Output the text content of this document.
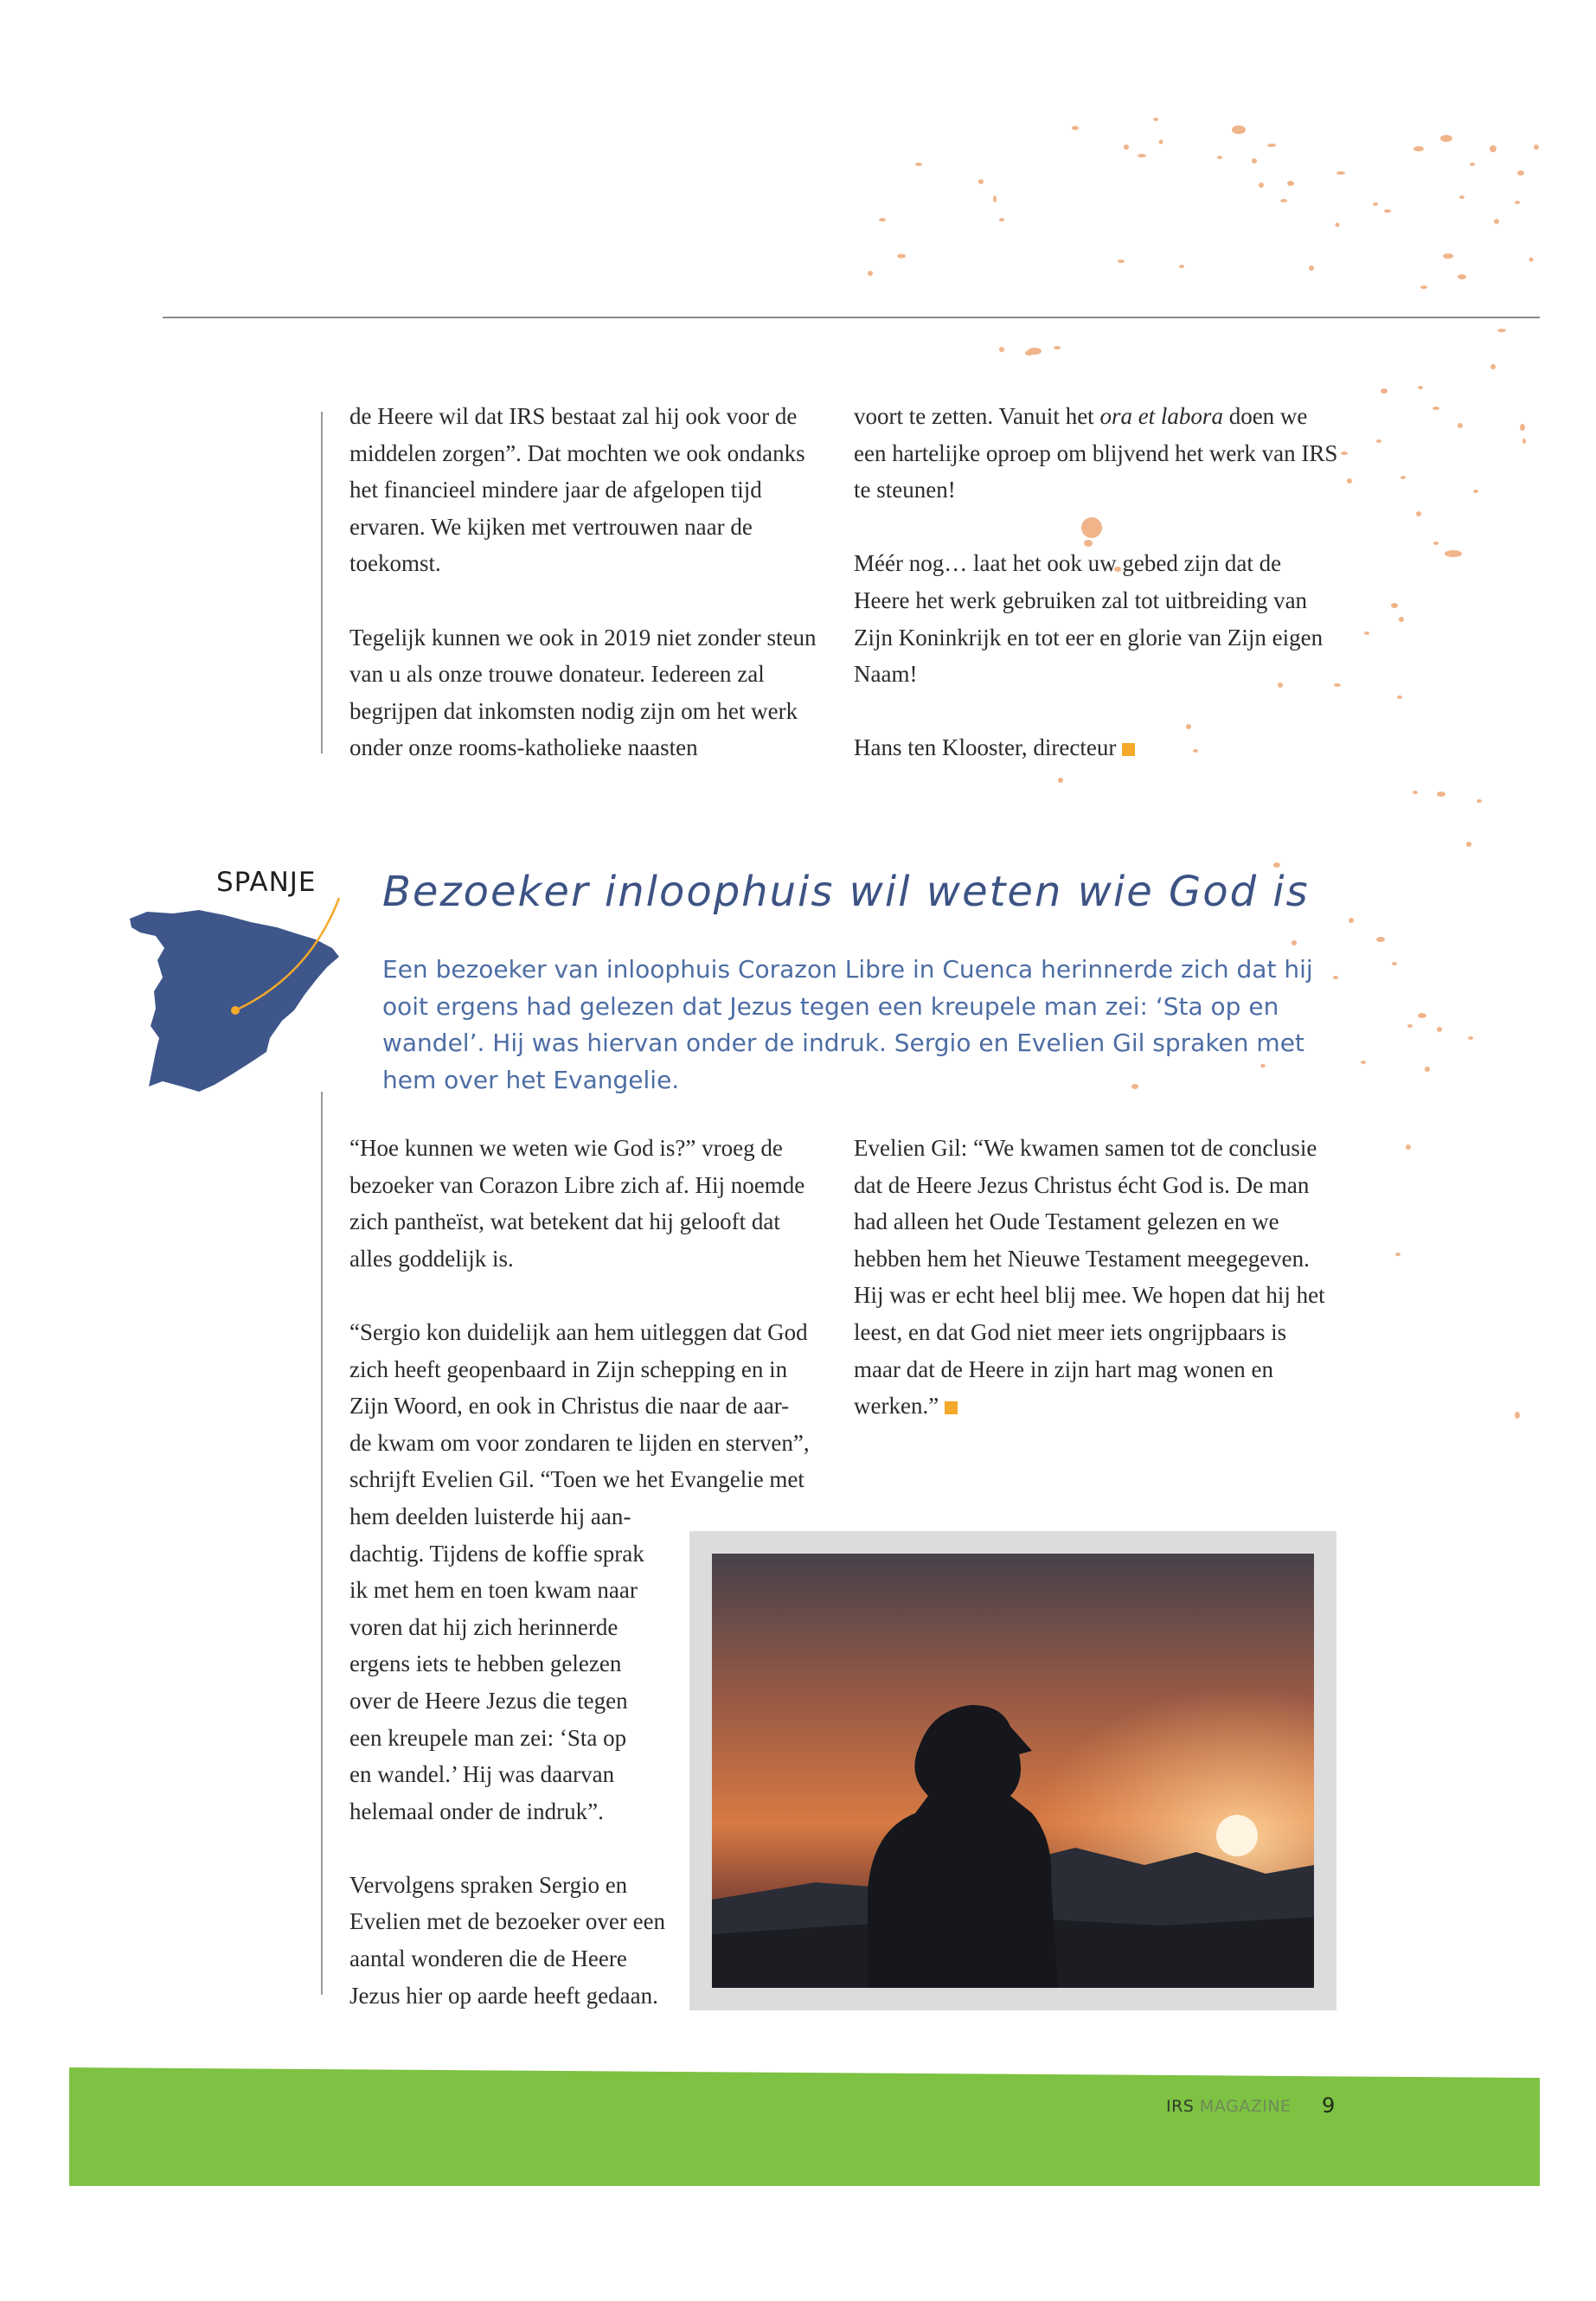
de Heere wil dat IRS bestaat zal hij ook voor de middelen zorgen”. Dat mochten we ook ondanks het financieel mindere jaar de afgelopen tijd ervaren. We kijken met vertrouwen naar de toekomst.

Tegelijk kunnen we ook in 2019 niet zonder steun van u als onze trouwe donateur. Iedereen zal begrijpen dat inkomsten nodig zijn om het werk onder onze rooms-katholieke naasten

voort te zetten. Vanuit het ora et labora doen we een hartelijke oproep om blijvend het werk van IRS te steunen!

Méér nog… laat het ook uw gebed zijn dat de Heere het werk gebruiken zal tot uitbreiding van Zijn Koninkrijk en tot eer en glorie van Zijn eigen Naam!

Hans ten Klooster, directeur

SPANJE Bezoeker inloophuis wil weten wie God is
Een bezoeker van inloophuis Corazon Libre in Cuenca herinnerde zich dat hij ooit ergens had gelezen dat Jezus tegen een kreupele man zei: ‘Sta op en wandel’. Hij was hiervan onder de indruk. Sergio en Evelien Gil spraken met hem over het Evangelie.
“Hoe kunnen we weten wie God is?” vroeg de
bezoeker van Corazon Libre zich af. Hij noemde
zich pantheïst, wat betekent dat hij gelooft dat
alles goddelijk is.
“Sergio kon duidelijk aan hem uitleggen dat God
zich heeft geopenbaard in Zijn schepping en in
Zijn Woord, en ook in Christus die naar de aar-
de kwam om voor zondaren te lijden en sterven”,
schrijft Evelien Gil. “Toen we het Evangelie met
hem deelden luisterde hij aan-
dachtig. Tijdens de koffie sprak
ik met hem en toen kwam naar
voren dat hij zich herinnerde
ergens iets te hebben gelezen
over de Heere Jezus die tegen
een kreupele man zei: ‘Sta op
en wandel.’ Hij was daarvan
helemaal onder de indruk”.
Vervolgens spraken Sergio en
Evelien met de bezoeker over een
aantal wonderen die de Heere
Jezus hier op aarde heeft gedaan.

Evelien Gil: “We kwamen samen tot de conclusie dat de Heere Jezus Christus écht God is. De man had alleen het Oude Testament gelezen en we hebben hem het Nieuwe Testament meegegeven. Hij was er echt heel blij mee. We hopen dat hij het leest, en dat God niet meer iets ongrijpbaars is maar dat de Heere in zijn hart mag wonen en werken.”

IRS MAGAZINE 9
